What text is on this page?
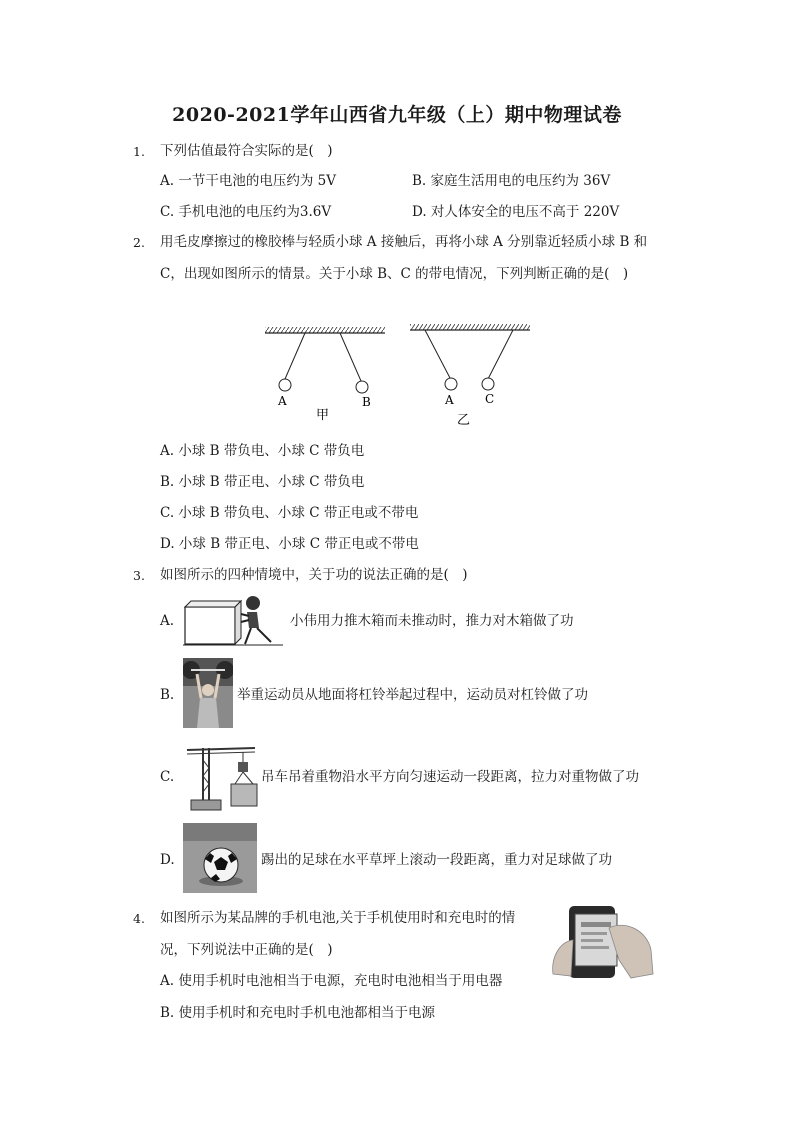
2020-2021学年山西省九年级（上）期中物理试卷
1. 下列估值最符合实际的是(　)
A. 一节干电池的电压约为 5V	B. 家庭生活用电的电压约为 36V
C. 手机电池的电压约为3.6V	D. 对人体安全的电压不高于 220V
2. 用毛皮摩擦过的橡胶棒与轻质小球 A 接触后，再将小球 A 分别靠近轻质小球 B 和
C，出现如图所示的情景。关于小球 B、C 的带电情况，下列判断正确的是(　)
A	B
甲
A	C
乙
A. 小球 B 带负电、小球 C 带负电
B. 小球 B 带正电、小球 C 带负电
C. 小球 B 带负电、小球 C 带正电或不带电
D. 小球 B 带正电、小球 C 带正电或不带电
3. 如图所示的四种情境中，关于功的说法正确的是(　)
A.	小伟用力推木箱而未推动时，推力对木箱做了功
B.	举重运动员从地面将杠铃举起过程中，运动员对杠铃做了功
C.	吊车吊着重物沿水平方向匀速运动一段距离，拉力对重物做了功
D.	踢出的足球在水平草坪上滚动一段距离，重力对足球做了功
4. 如图所示为某品牌的手机电池,关于手机使用时和充电时的情
况，下列说法中正确的是(　)
A. 使用手机时电池相当于电源，充电时电池相当于用电器
B. 使用手机时和充电时手机电池都相当于电源
